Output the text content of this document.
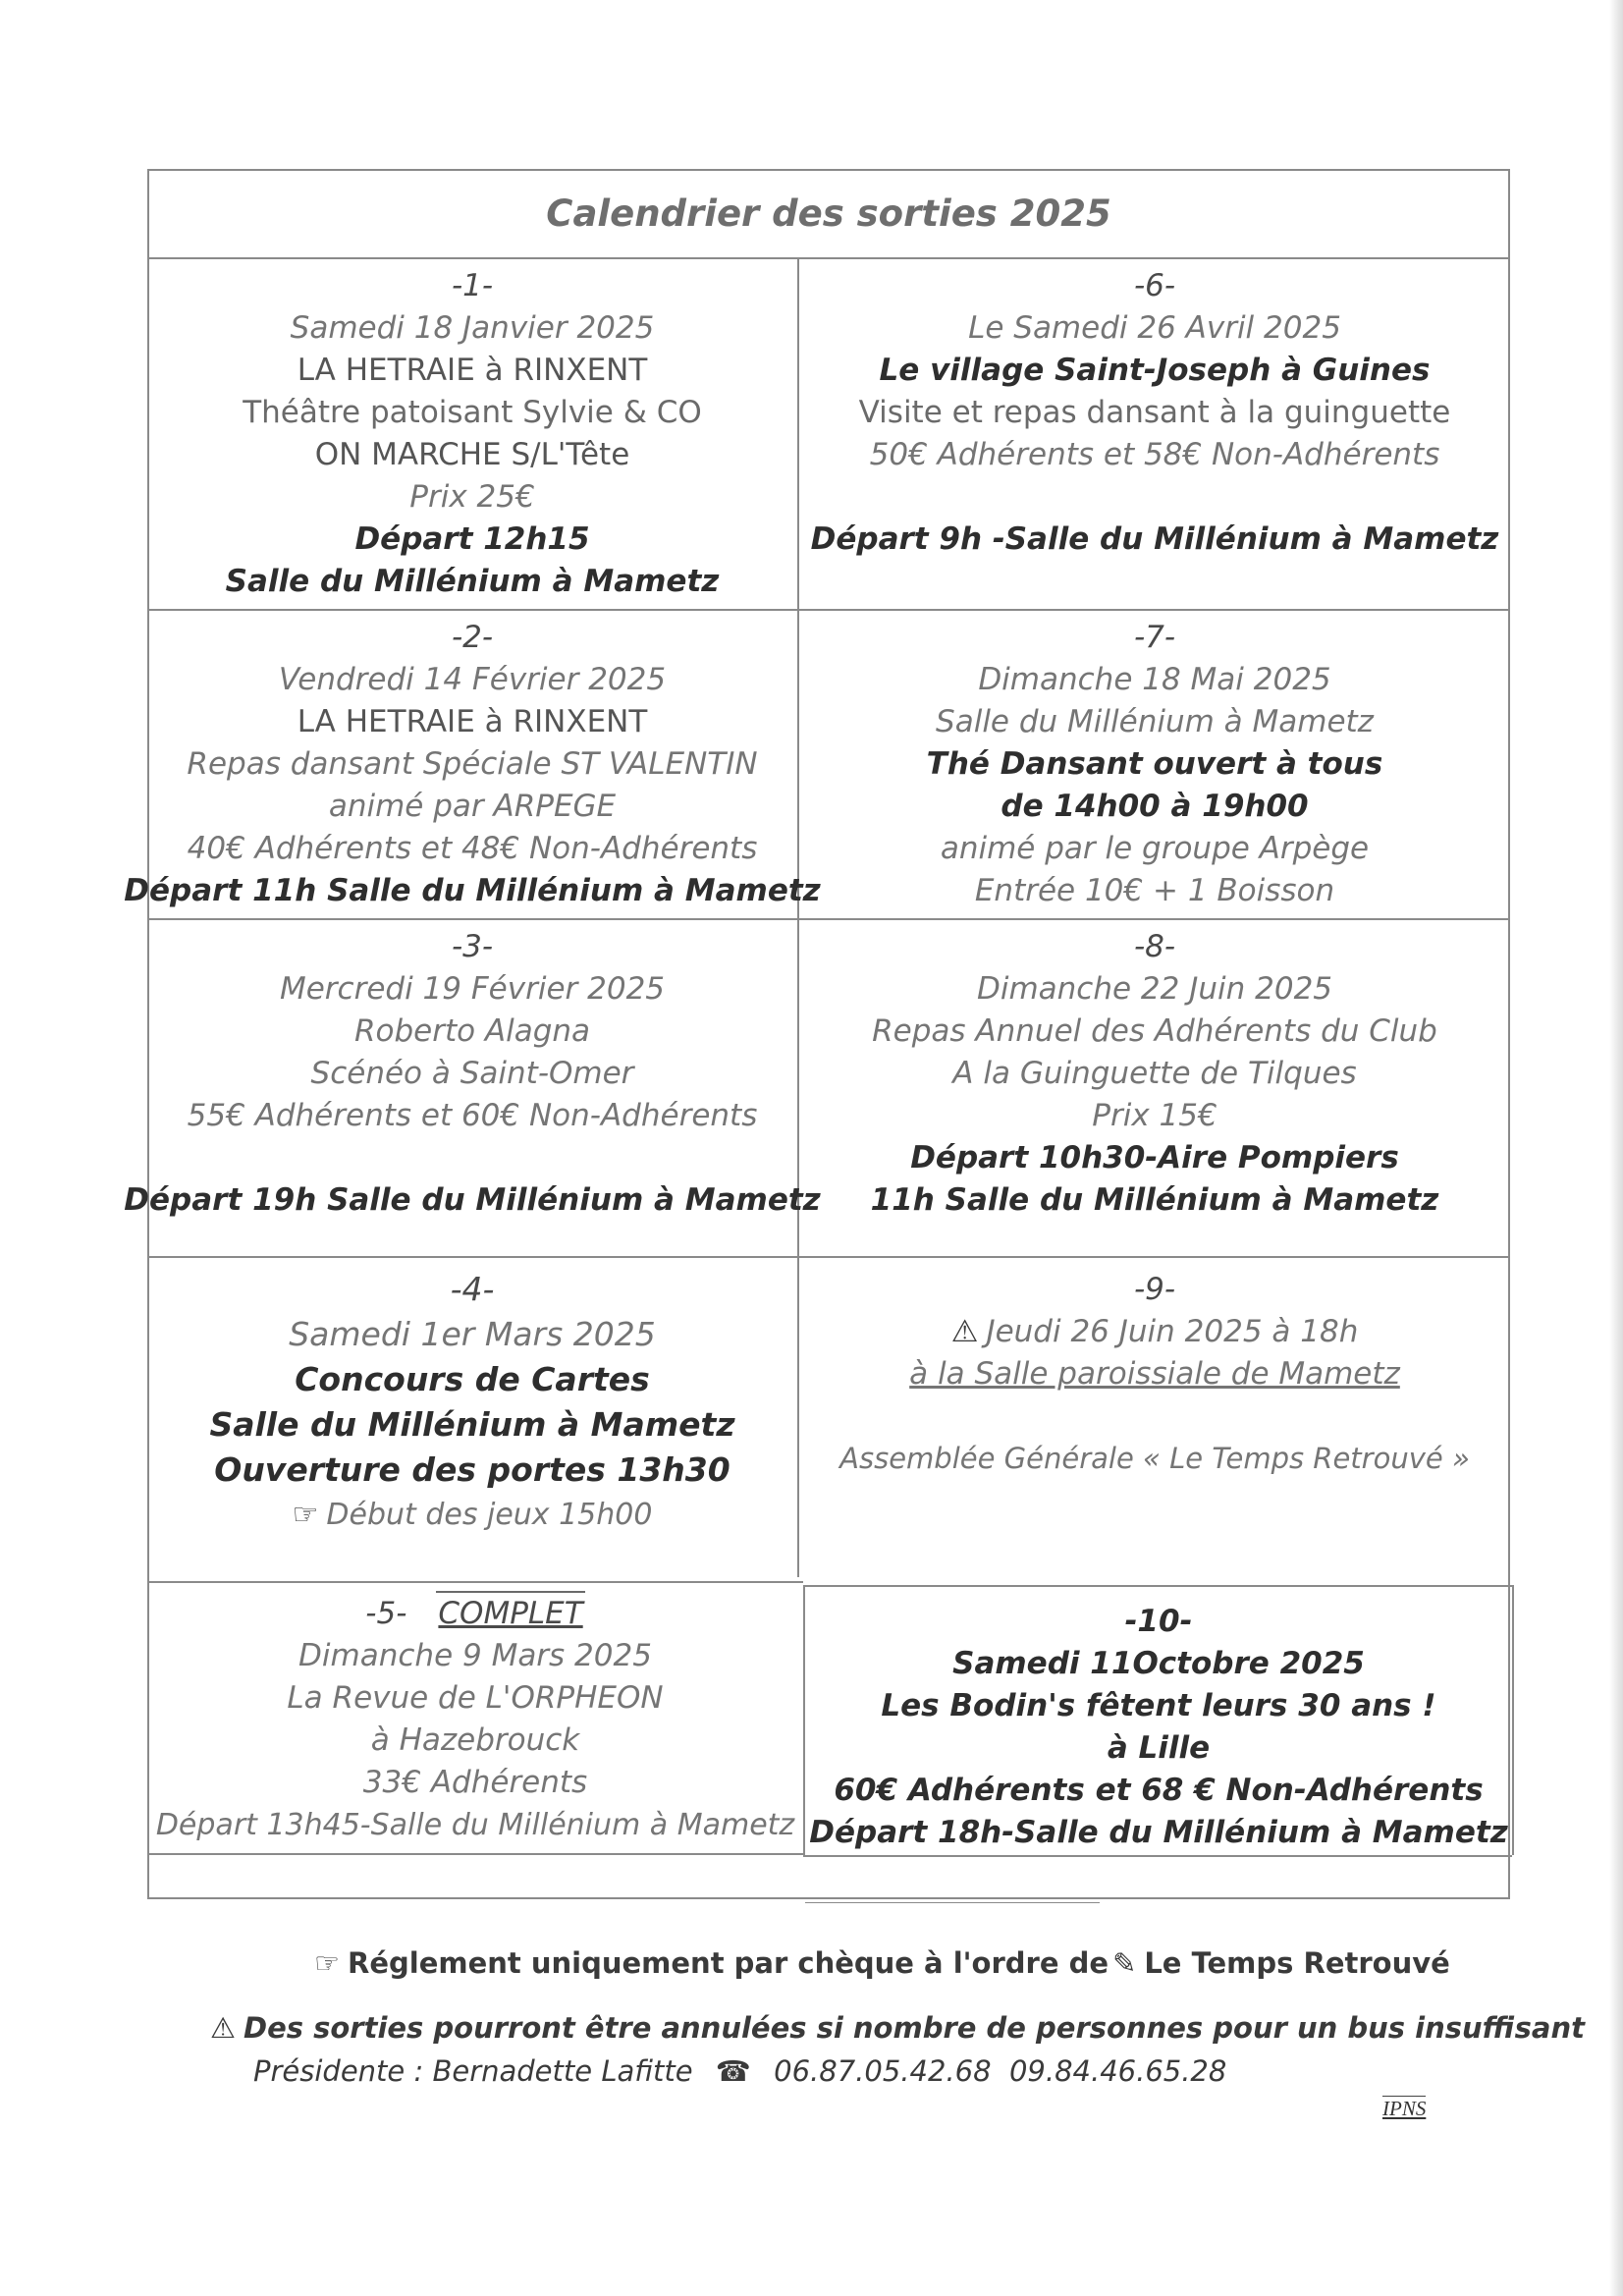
Calendrier des sorties 2025
-1-
Samedi 18 Janvier 2025
LA HETRAIE à RINXENT
Théâtre patoisant Sylvie & CO
ON MARCHE S/L'Tête
Prix 25€
Départ 12h15
Salle du Millénium à Mametz
-6-
Le Samedi 26 Avril 2025
Le village Saint-Joseph à Guines
Visite et repas dansant à la guinguette
50€ Adhérents et 58€ Non-Adhérents
Départ 9h -Salle du Millénium à Mametz
-2-
Vendredi 14 Février 2025
LA HETRAIE à RINXENT
Repas dansant Spéciale ST VALENTIN
animé par ARPEGE
40€ Adhérents et 48€ Non-Adhérents
Départ 11h Salle du Millénium à Mametz
-7-
Dimanche 18 Mai 2025
Salle du Millénium à Mametz
Thé Dansant ouvert à tous
de 14h00 à 19h00
animé par le groupe Arpège
Entrée 10€ + 1 Boisson
-3-
Mercredi 19 Février 2025
Roberto Alagna
Scénéo à Saint-Omer
55€ Adhérents et 60€ Non-Adhérents
Départ 19h Salle du Millénium à Mametz
-8-
Dimanche 22 Juin 2025
Repas Annuel des Adhérents du Club
A la Guinguette de Tilques
Prix 15€
Départ 10h30-Aire Pompiers
11h Salle du Millénium à Mametz
-4-
Samedi 1er Mars 2025
Concours de Cartes
Salle du Millénium à Mametz
Ouverture des portes 13h30
☞ Début des jeux 15h00
-9-
⚠ Jeudi 26 Juin 2025 à 18h
à la Salle paroissiale de Mametz
Assemblée Générale « Le Temps Retrouvé »
-5- COMPLET
Dimanche 9 Mars 2025
La Revue de L'ORPHEON
à Hazebrouck
33€ Adhérents
Départ 13h45-Salle du Millénium à Mametz
-10-
Samedi 11Octobre 2025
Les Bodin's fêtent leurs 30 ans !
à Lille
60€ Adhérents et 68 € Non-Adhérents
Départ 18h-Salle du Millénium à Mametz
☞ Réglement uniquement par chèque à l'ordre de ✎ Le Temps Retrouvé
⚠ Des sorties pourront être annulées si nombre de personnes pour un bus insuffisant
Présidente : Bernadette Lafitte ☎ 06.87.05.42.68  09.84.46.65.28
IPNS
